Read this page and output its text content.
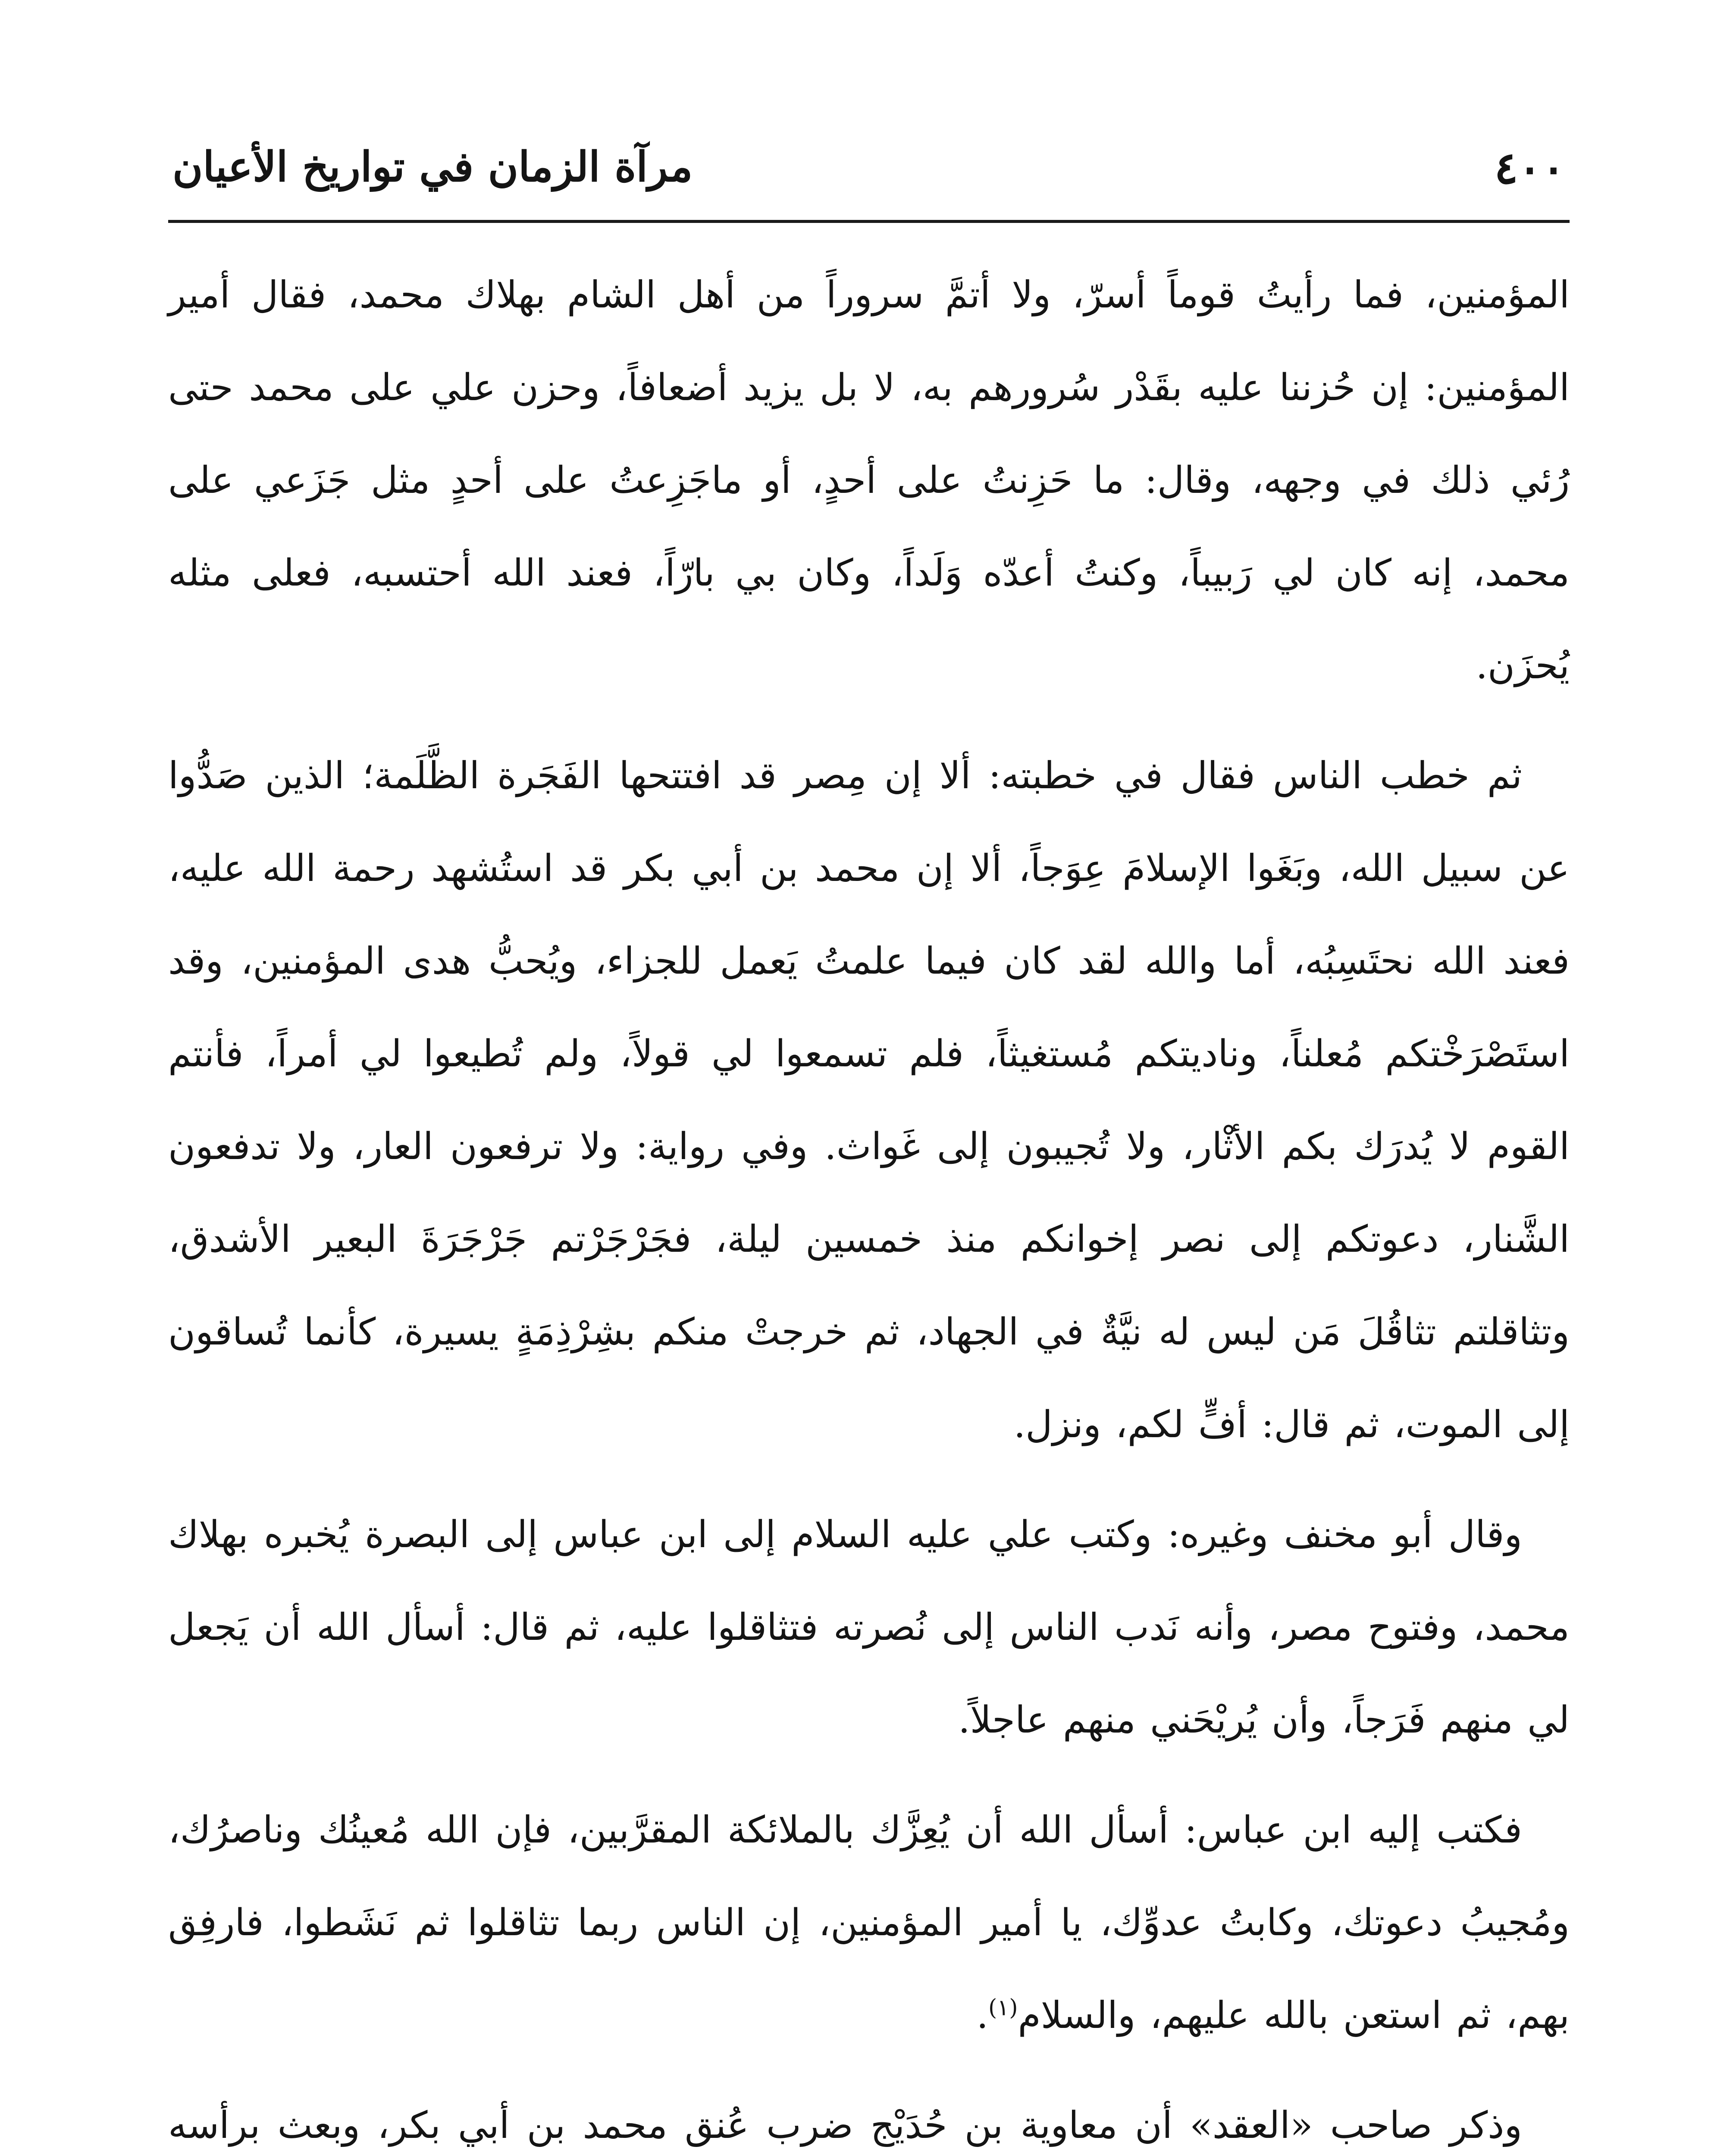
٤٠٠
مرآة الزمان في تواريخ الأعيان

المؤمنين، فما رأيتُ قوماً أسرّ، ولا أتمَّ سروراً من أهل الشام بهلاك محمد، فقال أمير المؤمنين: إن حُزننا عليه بقَدْر سُرورهم به، لا بل يزيد أضعافاً، وحزن علي على محمد حتى رُئي ذلك في وجهه، وقال: ما حَزِنتُ على أحدٍ، أو ماجَزِعتُ على أحدٍ مثل جَزَعي على محمد، إنه كان لي رَبيباً، وكنتُ أعدّه وَلَداً، وكان بي بارّاً، فعند الله أحتسبه، فعلى مثله يُحزَن.

ثم خطب الناس فقال في خطبته: ألا إن مِصر قد افتتحها الفَجَرة الظَّلَمة؛ الذين صَدُّوا عن سبيل الله، وبَغَوا الإسلامَ عِوَجاً، ألا إن محمد بن أبي بكر قد استُشهد رحمة الله عليه، فعند الله نحتَسِبُه، أما والله لقد كان فيما علمتُ يَعمل للجزاء، ويُحبُّ هدى المؤمنين، وقد استَصْرَخْتكم مُعلناً، وناديتكم مُستغيثاً، فلم تسمعوا لي قولاً، ولم تُطيعوا لي أمراً، فأنتم القوم لا يُدرَك بكم الأثْار، ولا تُجيبون إلى غَواث. وفي رواية: ولا ترفعون العار، ولا تدفعون الشَّنار، دعوتكم إلى نصر إخوانكم منذ خمسين ليلة، فجَرْجَرْتم جَرْجَرَةَ البعير الأشدق، وتثاقلتم تثاقُلَ مَن ليس له نيَّةٌ في الجهاد، ثم خرجتْ منكم بشِرْذِمَةٍ يسيرة، كأنما تُساقون إلى الموت، ثم قال: أفٍّ لكم، ونزل.

وقال أبو مخنف وغيره: وكتب علي عليه السلام إلى ابن عباس إلى البصرة يُخبره بهلاك محمد، وفتوح مصر، وأنه نَدب الناس إلى نُصرته فتثاقلوا عليه، ثم قال: أسأل الله أن يَجعل لي منهم فَرَجاً، وأن يُريْحَني منهم عاجلاً.

فكتب إليه ابن عباس: أسأل الله أن يُعِزَّك بالملائكة المقرَّبين، فإن الله مُعينُك وناصرُك، ومُجيبُ دعوتك، وكابتُ عدوِّك، يا أمير المؤمنين، إن الناس ربما تثاقلوا ثم نَشَطوا، فارفِق بهم، ثم استعن بالله عليهم، والسلام$^{(١)}$.

وذكر صاحب «العقد» أن معاوية بن حُدَيْج ضرب عُنق محمد بن أبي بكر، وبعث برأسه
